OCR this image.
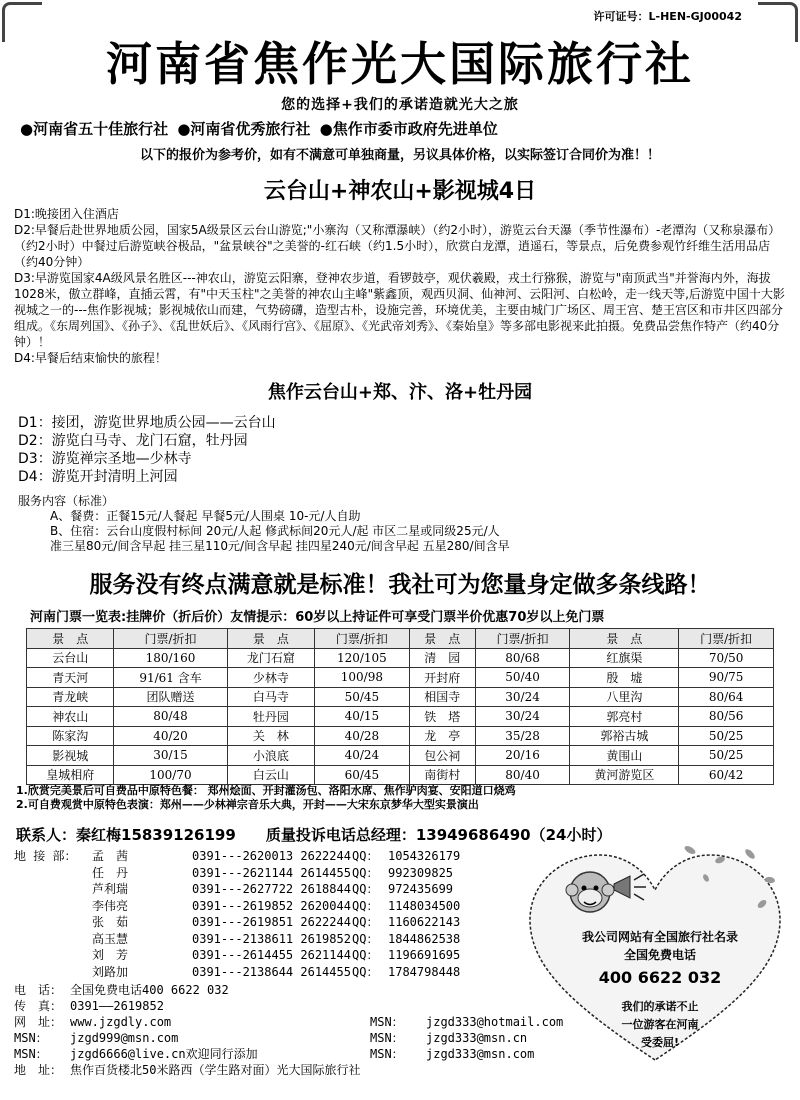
许可证号：L-HEN-GJ00042
河南省焦作光大国际旅行社
您的选择+我们的承诺造就光大之旅
●河南省五十佳旅行社 ●河南省优秀旅行社 ●焦作市委市政府先进单位
以下的报价为参考价，如有不满意可单独商量，另议具体价格，以实际签订合同价为准！！
云台山+神农山+影视城4日

D1:晚接团入住酒店

D2:早餐后赴世界地质公园，国家5A级景区云台山游览;"小寨沟（又称潭瀑峡）（约2小时），游览云台天瀑（季节性瀑布）-老潭沟（又称泉瀑布）（约2小时）中餐过后游览峡谷极品，"盆景峡谷"之美誉的-红石峡（约1.5小时），欣赏白龙潭，逍遥石，等景点，后免费参观竹纤维生活用品店（约40分钟）

D3:早游览国家4A级风景名胜区---神农山，游览云阳寨，登神农步道，看锣鼓亭，观伏羲殿，戎土行猕猴，游览与"南顶武当"并誉海内外，海拔1028米，傲立群峰，直插云霄，有"中天玉柱"之美誉的神农山主峰"紫鑫顶，观西贝洞、仙神河、云阳河、白松岭，走一线天等,后游览中国十大影视城之一的---焦作影视城；影视城依山而建，气势磅礴，造型古朴，设施完善，环境优美，主要由城门广场区、周王宫、楚王宫区和市井区四部分组成。《东周列国》、《孙子》、《乱世妖后》、《风雨行宫》、《屈原》、《光武帝刘秀》、《秦始皇》等多部电影视来此拍摄。免费品尝焦作特产（约40分钟）！

D4:早餐后结束愉快的旅程！

焦作云台山+郑、汴、洛+牡丹园

D1：接团，游览世界地质公园——云台山

D2：游览白马寺、龙门石窟，牡丹园

D3：游览禅宗圣地—少林寺

D4：游览开封清明上河园

服务内容（标准）

A、餐费：正餐15元/人餐起 早餐5元/人围桌 10-元/人自助

B、住宿：云台山度假村标间 20元/人起 修武标间20元人/起 市区二星或同级25元/人

准三星80元/间含早起 挂三星110元/间含早起 挂四星240元/间含早起 五星280/间含早

服务没有终点满意就是标准！我社可为您量身定做多条线路！
河南门票一览表:挂牌价（折后价）友情提示：60岁以上持证件可享受门票半价优惠70岁以上免门票
景　点	门票/折扣	景　点	门票/折扣	景　点	门票/折扣	景　点	门票/折扣
云台山	180/160	龙门石窟	120/105	清　园	80/68	红旗渠	70/50
青天河	91/61 含车	少林寺	100/98	开封府	50/40	殷　墟	90/75
青龙峡	团队赠送	白马寺	50/45	相国寺	30/24	八里沟	80/64
神农山	80/48	牡丹园	40/15	铁　塔	30/24	郭亮村	80/56
陈家沟	40/20	关　林	40/28	龙　亭	35/28	郭裕古城	50/25
影视城	30/15	小浪底	40/24	包公祠	20/16	黄围山	50/25
皇城相府	100/70	白云山	60/45	南街村	80/40	黄河游览区	60/42

1.欣赏完美景后可自费品中原特色餐： 郑州烩面、开封灌汤包、洛阳水席、焦作驴肉宴、安阳道口烧鸡

2.可自费观赏中原特色表演：郑州——少林禅宗音乐大典，开封——大宋东京梦华大型实景演出

联系人：秦红梅15839126199 质量投诉电话总经理：13949686490（24小时）
地 接 部：	孟　茜	0391---2620013 2622244 QQ： 1054326179
任　丹	0391---2621144 2614455 QQ： 992309825
芦利瑞	0391---2627722 2618844 QQ： 972435699
李伟亮	0391---2619852 2620044 QQ： 1148034500
张　茹	0391---2619851 2622244 QQ： 1160622143
高玉慧	0391---2138611 2619852 QQ： 1844862538
刘　芳	0391---2614455 2621144 QQ： 1196691695
刘路加	0391---2138644 2614455 QQ： 1784798448
电　话： 全国免费电话400 6622 032
传　真： 0391——2619852
网　址： www.jzgdly.com	MSN：	jzgd333@hotmail.com
MSN：	jzgd999@msn.com	MSN：	jzgd333@msn.cn
MSN：	jzgd6666@live.cn欢迎同行添加	MSN：	jzgd333@msn.com
地　址： 焦作百货楼北50米路西（学生路对面）光大国际旅行社
我公司网站有全国旅行社名录
全国免费电话
400 6622 032
我们的承诺不止
一位游客在河南
受委屈!
